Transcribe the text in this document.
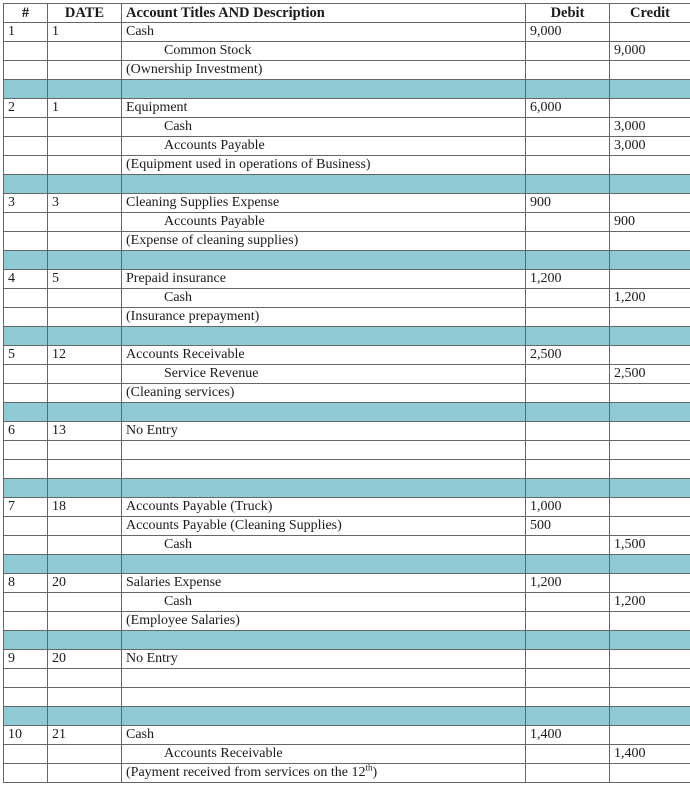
#	DATE	Account Titles AND Description	Debit	Credit
1	1	Cash	9,000	
		Common Stock		9,000
		(Ownership Investment)		

2	1	Equipment	6,000	
		Cash		3,000
		Accounts Payable		3,000
		(Equipment used in operations of Business)		

3	3	Cleaning Supplies Expense	900	
		Accounts Payable		900
		(Expense of cleaning supplies)		

4	5	Prepaid insurance	1,200	
		Cash		1,200
		(Insurance prepayment)		

5	12	Accounts Receivable	2,500	
		Service Revenue		2,500
		(Cleaning services)		

6	13	No Entry		

7	18	Accounts Payable (Truck)	1,000	
		Accounts Payable (Cleaning Supplies)	500	
		Cash		1,500

8	20	Salaries Expense	1,200	
		Cash		1,200
		(Employee Salaries)		

9	20	No Entry		

10	21	Cash	1,400	
		Accounts Receivable		1,400
		(Payment received from services on the 12th)		
